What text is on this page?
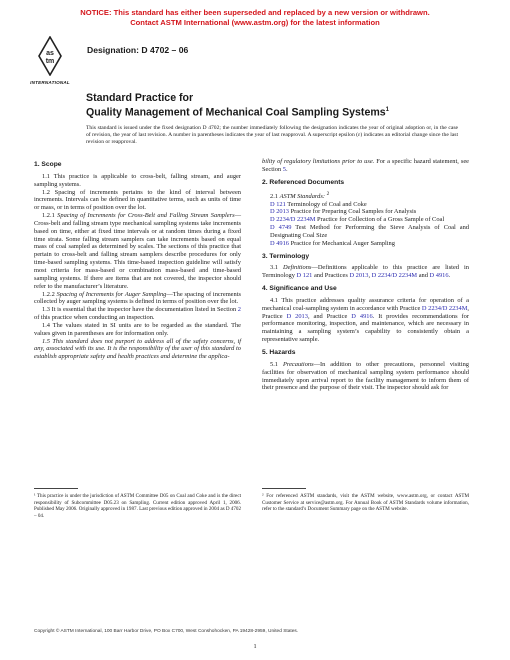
NOTICE: This standard has either been superseded and replaced by a new version or withdrawn.
Contact ASTM International (www.astm.org) for the latest information
as
tm
INTERNATIONAL
Designation: D 4702 – 06
Standard Practice for
Quality Management of Mechanical Coal Sampling Systems$^1$
This standard is issued under the fixed designation D 4702; the number immediately following the designation indicates the year of original adoption or, in the case of revision, the year of last revision. A number in parentheses indicates the year of last reapproval. A superscript epsilon (ε) indicates an editorial change since the last revision or reapproval.

1. Scope

1.1 This practice is applicable to cross-belt, falling stream, and auger sampling systems.

1.2 Spacing of increments pertains to the kind of interval between increments. Intervals can be defined in quantitative terms, such as units of time or mass, or in terms of position over the lot.

1.2.1 Spacing of Increments for Cross-Belt and Falling Stream Samplers—Cross-belt and falling stream type mechanical sampling systems take increments based on time, either at fixed time intervals or at random times during a fixed time strata. Some falling stream samplers can take increments based on equal mass of coal sampled as determined by scales. The sections of this practice that pertain to cross-belt and falling stream samplers describe procedures for only time-based sampling systems. This time-based inspection guideline will satisfy most criteria for mass-based or combination mass-based and time-based sampling systems. If there are items that are not covered, the inspector should refer to the manufacturer’s literature.

1.2.2 Spacing of Increments for Auger Sampling—The spacing of increments collected by auger sampling systems is defined in terms of position over the lot.

1.3 It is essential that the inspector have the documentation listed in Section 2 of this practice when conducting an inspection.

1.4 The values stated in SI units are to be regarded as the standard. The values given in parentheses are for information only.

1.5 This standard does not purport to address all of the safety concerns, if any, associated with its use. It is the responsibility of the user of this standard to establish appropriate safety and health practices and determine the applica-

bility of regulatory limitations prior to use. For a specific hazard statement, see Section 5.

2. Referenced Documents

2.1 ASTM Standards: $^2$

D 121 Terminology of Coal and Coke

D 2013 Practice for Preparing Coal Samples for Analysis

D 2234/D 2234M Practice for Collection of a Gross Sample of Coal

D 4749 Test Method for Performing the Sieve Analysis of Coal and Designating Coal Size

D 4916 Practice for Mechanical Auger Sampling

3. Terminology

3.1 Definitions—Definitions applicable to this practice are listed in Terminology D 121 and Practices D 2013, D 2234/D 2234M and D 4916.

4. Significance and Use

4.1 This practice addresses quality assurance criteria for operation of a mechanical coal-sampling system in accordance with Practice D 2234/D 2234M, Practice D 2013, and Practice D 4916. It provides recommendations for performance monitoring, inspection, and maintenance, which are necessary in maintaining a sampling system’s capability to consistently obtain a representative sample.

5. Hazards

5.1 Precautions—In addition to other precautions, personnel visiting facilities for observation of mechanical sampling system performance should immediately upon arrival report to the facility management to inform them of their presence and the purpose of their visit. The inspector should ask for

¹ This practice is under the jurisdiction of ASTM Committee D05 on Coal and Coke and is the direct responsibility of Subcommittee D05.23 on Sampling. Current edition approved April 1, 2006. Published May 2006. Originally approved in 1987. Last previous edition approved in 2004 as D 4702 – 04.
² For referenced ASTM standards, visit the ASTM website, www.astm.org, or contact ASTM Customer Service at service@astm.org. For Annual Book of ASTM Standards volume information, refer to the standard’s Document Summary page on the ASTM website.
Copyright © ASTM International, 100 Barr Harbor Drive, PO Box C700, West Conshohocken, PA 19428-2959, United States.
1
